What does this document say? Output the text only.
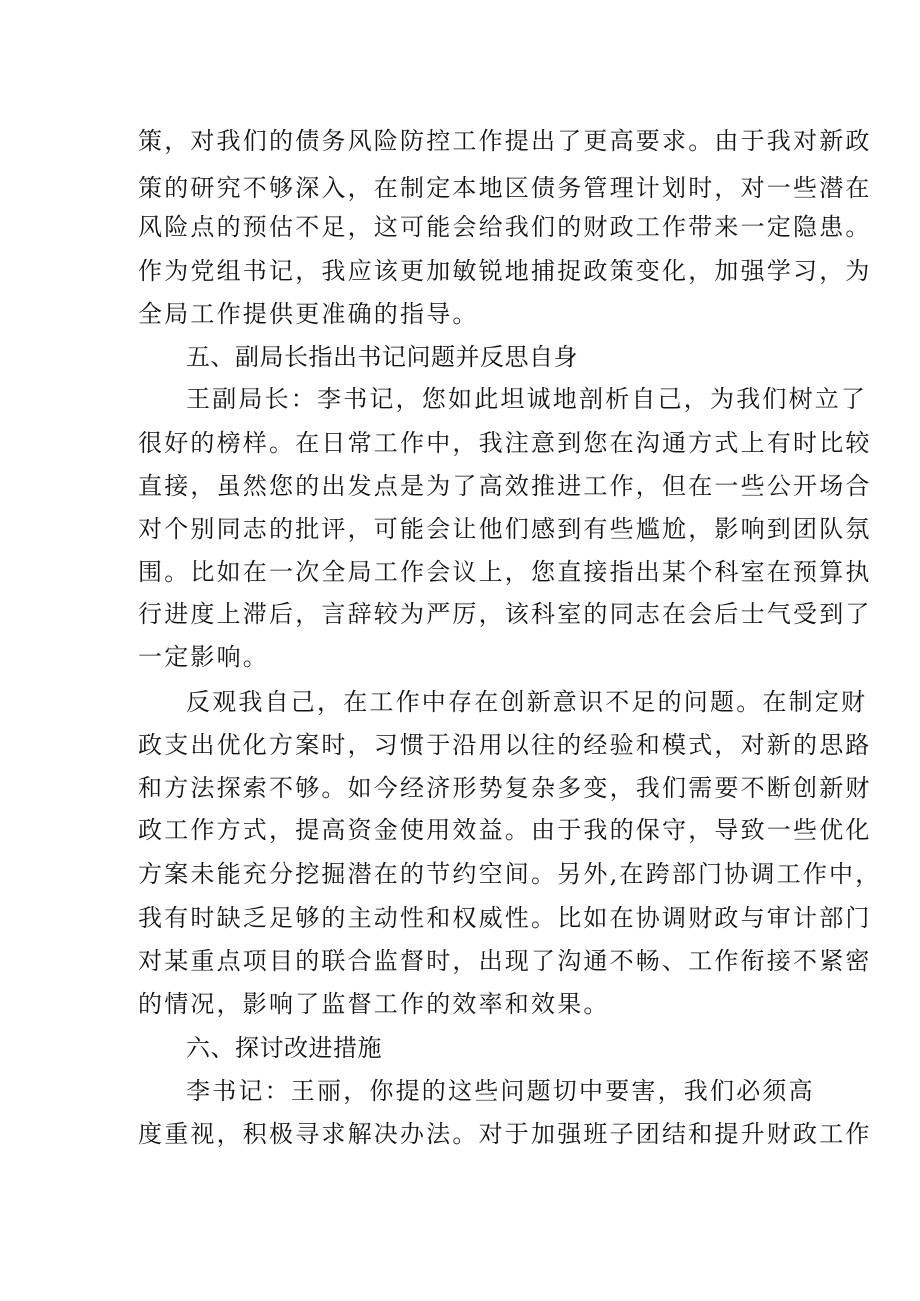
策，对我们的债务风险防控工作提出了更高要求。由于我对新政
策的研究不够深入，在制定本地区债务管理计划时，对一些潜在
风险点的预估不足，这可能会给我们的财政工作带来一定隐患。
作为党组书记，我应该更加敏锐地捕捉政策变化，加强学习，为
全局工作提供更准确的指导。
五、副局长指出书记问题并反思自身
王副局长：李书记，您如此坦诚地剖析自己，为我们树立了
很好的榜样。在日常工作中，我注意到您在沟通方式上有时比较
直接，虽然您的出发点是为了高效推进工作，但在一些公开场合
对个别同志的批评，可能会让他们感到有些尴尬，影响到团队氛
围。比如在一次全局工作会议上，您直接指出某个科室在预算执
行进度上滞后，言辞较为严厉，该科室的同志在会后士气受到了
一定影响。
反观我自己，在工作中存在创新意识不足的问题。在制定财
政支出优化方案时，习惯于沿用以往的经验和模式，对新的思路
和方法探索不够。如今经济形势复杂多变，我们需要不断创新财
政工作方式，提高资金使用效益。由于我的保守，导致一些优化
方案未能充分挖掘潜在的节约空间。另外,在跨部门协调工作中，
我有时缺乏足够的主动性和权威性。比如在协调财政与审计部门
对某重点项目的联合监督时，出现了沟通不畅、工作衔接不紧密
的情况，影响了监督工作的效率和效果。
六、探讨改进措施
李书记：王丽，你提的这些问题切中要害，我们必须高
度重视，积极寻求解决办法。对于加强班子团结和提升财政工作
